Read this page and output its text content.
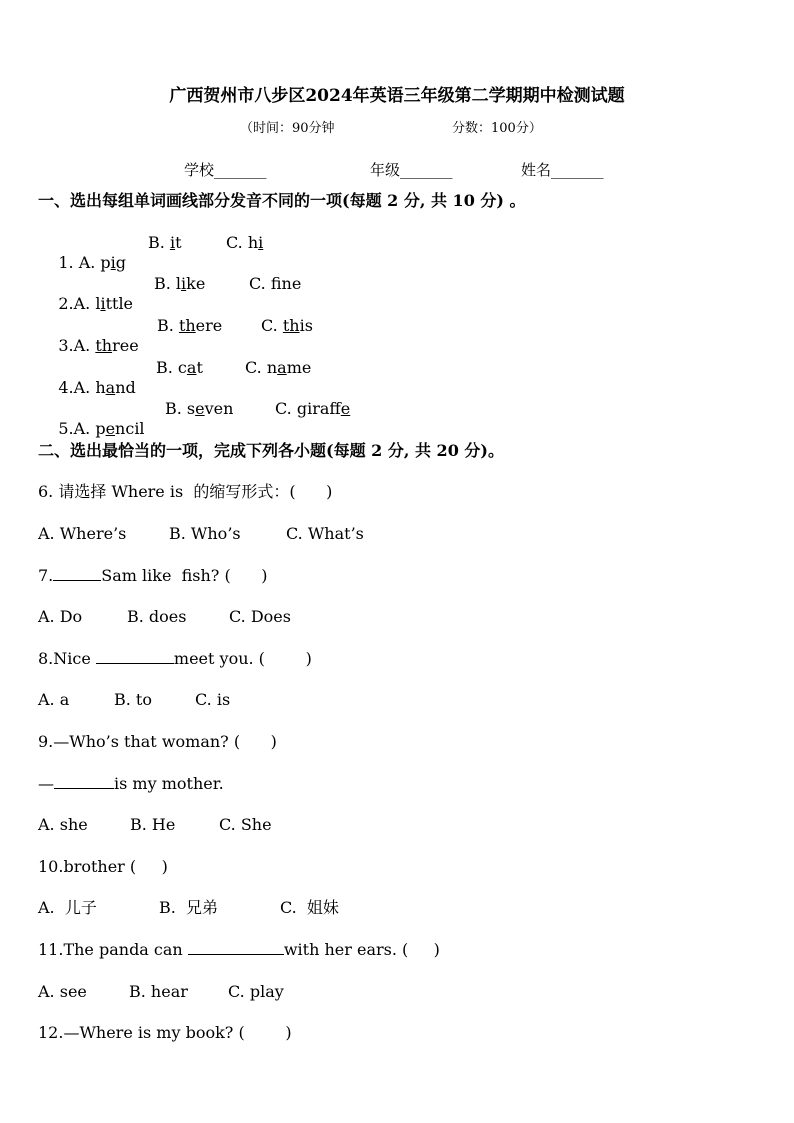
广西贺州市八步区2024年英语三年级第二学期期中检测试题
（时间：90分钟	分数：100分）
学校_______	年级_______	姓名_______
一、选出每组单词画线部分发音不同的一项(每题 2 分, 共 10 分) 。

1. A. pig

B. it	C. hi

2.A. little

B. like	C. fne

3.A. three

B. there C. this

4.A. hand

B. cat	C. name

5.A. pencil

B. seven	C. giraffe
二、选出最恰当的一项，完成下列各小题(每题 2 分, 共 20 分)。
6. 请选择 Where is  的缩写形式：(      )
A. Where’s	B. Who’s	C. What’s
7.	Sam like  fish? (      )
A. Do	B. does	C. Does
8.Nice	meet you. (        )
A. a	B. to	C. is
9.—Who’s that woman? (      )
—	is my mother.
A. she	B. He	C. She
10.brother (     )
A.  儿子	B.  兄弟	C.  姐妹
11.The panda can	with her ears. (     )
A. see	B. hear	C. play
12.—Where is my book? (        )
